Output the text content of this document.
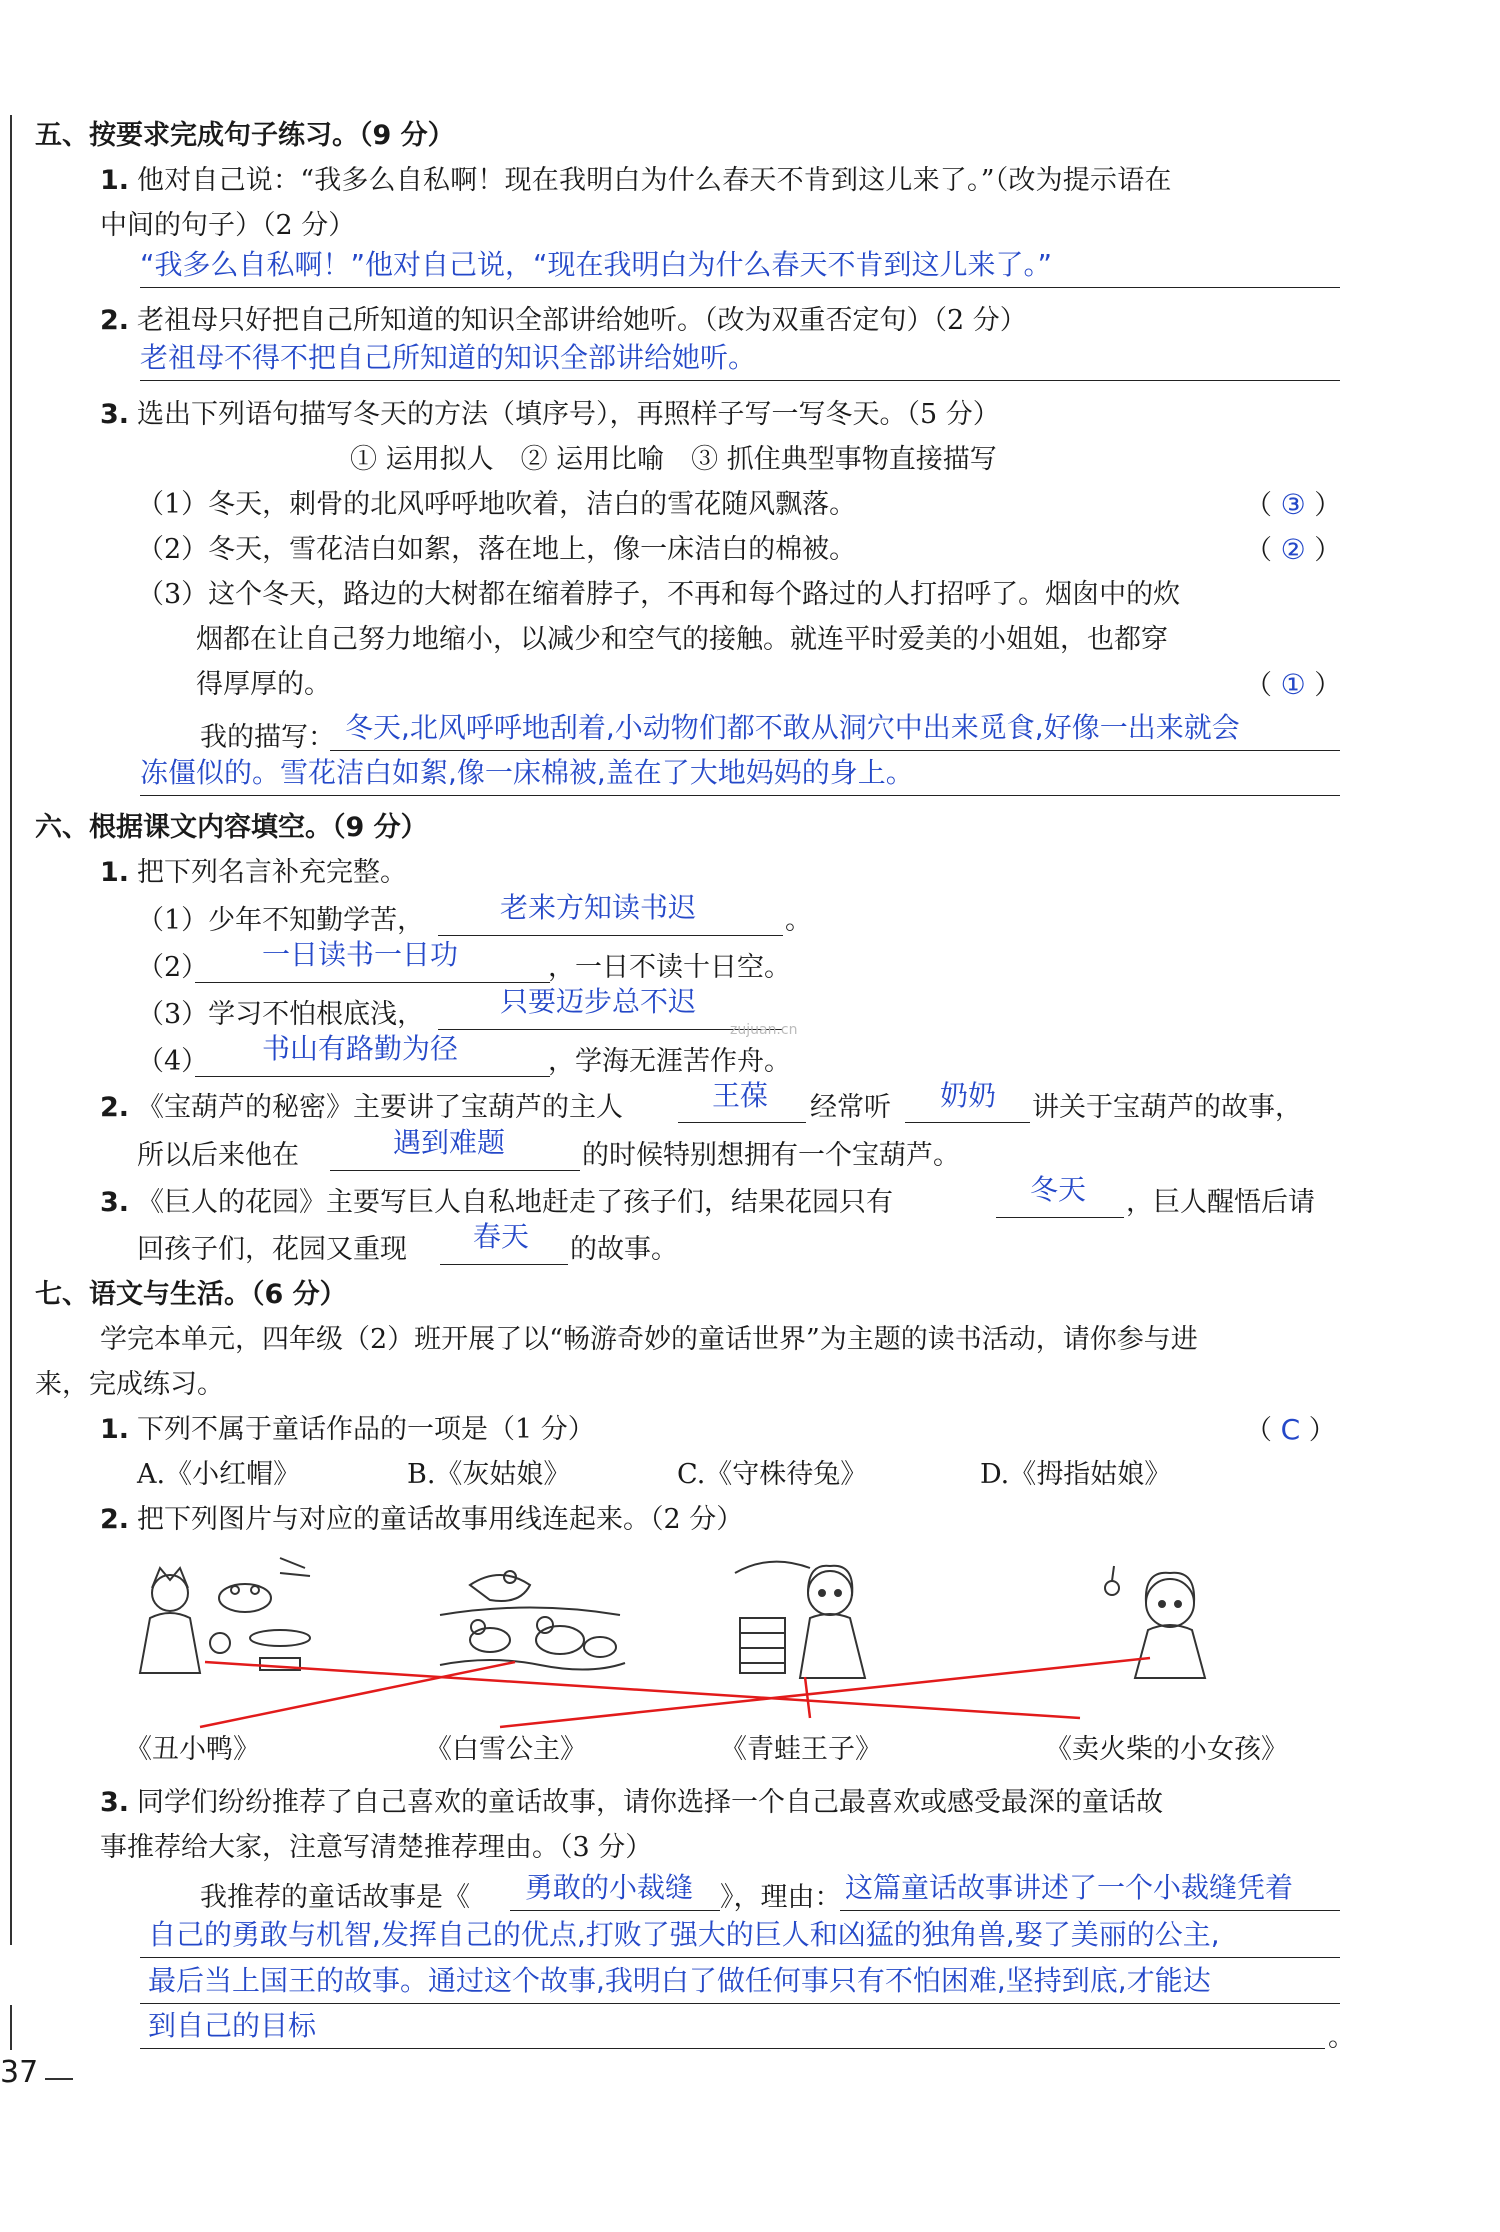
五、按要求完成句子练习。（9 分）
1. 他对自己说：“我多么自私啊！现在我明白为什么春天不肯到这儿来了。”（改为提示语在
中间的句子）（2 分）
“我多么自私啊！”他对自己说，“现在我明白为什么春天不肯到这儿来了。”
2. 老祖母只好把自己所知道的知识全部讲给她听。（改为双重否定句）（2 分）
老祖母不得不把自己所知道的知识全部讲给她听。
3. 选出下列语句描写冬天的方法（填序号），再照样子写一写冬天。（5 分）
① 运用拟人　② 运用比喻　③ 抓住典型事物直接描写
（1）冬天，刺骨的北风呼呼地吹着，洁白的雪花随风飘落。	（ ③ ）
（2）冬天，雪花洁白如絮，落在地上，像一床洁白的棉被。	（ ② ）
（3）这个冬天，路边的大树都在缩着脖子，不再和每个路过的人打招呼了。烟囱中的炊
烟都在让自己努力地缩小，以减少和空气的接触。就连平时爱美的小姐姐，也都穿
得厚厚的。	（ ① ）
我的描写： 冬天,北风呼呼地刮着,小动物们都不敢从洞穴中出来觅食,好像一出来就会
冻僵似的。雪花洁白如絮,像一床棉被,盖在了大地妈妈的身上。
六、根据课文内容填空。（9 分）
1. 把下列名言补充完整。
（1）少年不知勤学苦，	老来方知读书迟	。
（2） 一日读书一日功	，一日不读十日空。
（3）学习不怕根底浅，	只要迈步总不迟
zujuan.cn
（4） 书山有路勤为径	，学海无涯苦作舟。
2. 《宝葫芦的秘密》主要讲了宝葫芦的主人	王葆 经常听 奶奶 讲关于宝葫芦的故事，
所以后来他在	遇到难题	的时候特别想拥有一个宝葫芦。
3. 《巨人的花园》主要写巨人自私地赶走了孩子们，结果花园只有	冬天 ，巨人醒悟后请
回孩子们，花园又重现 春天 的故事。
七、语文与生活。（6 分）
学完本单元，四年级（2）班开展了以“畅游奇妙的童话世界”为主题的读书活动，请你参与进
来，完成练习。
1. 下列不属于童话作品的一项是（1 分）	（ C ）
A.《小红帽》	B.《灰姑娘》	C.《守株待兔》	D.《拇指姑娘》
2. 把下列图片与对应的童话故事用线连起来。（2 分）
《丑小鸭》	《白雪公主》	《青蛙王子》	《卖火柴的小女孩》
3. 同学们纷纷推荐了自己喜欢的童话故事，请你选择一个自己最喜欢或感受最深的童话故
事推荐给大家，注意写清楚推荐理由。（3 分）
我推荐的童话故事是《 勇敢的小裁缝 》，理由： 这篇童话故事讲述了一个小裁缝凭着
自己的勇敢与机智,发挥自己的优点,打败了强大的巨人和凶猛的独角兽,娶了美丽的公主,
最后当上国王的故事。通过这个故事,我明白了做任何事只有不怕困难,坚持到底,才能达
到自己的目标	。
37
